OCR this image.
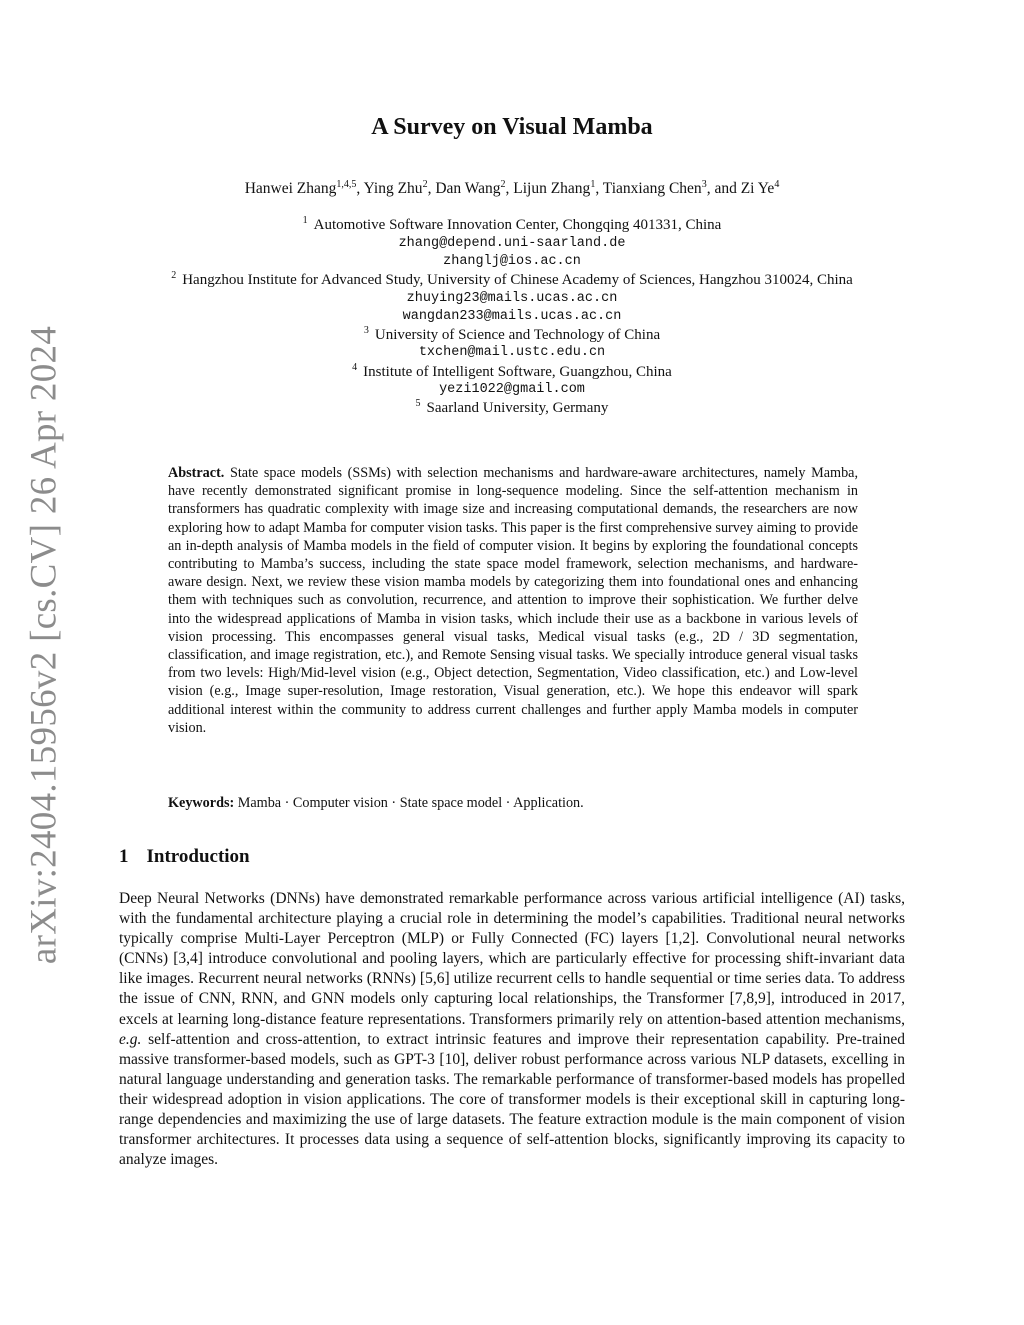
arXiv:2404.15956v2 [cs.CV] 26 Apr 2024
A Survey on Visual Mamba
Hanwei Zhang$^{1,4,5}$, Ying Zhu$^2$, Dan Wang$^2$, Lijun Zhang$^1$, Tianxiang Chen$^3$, and Zi Ye$^4$
$^1$ Automotive Software Innovation Center, Chongqing 401331, China
zhang@depend.uni-saarland.de
zhanglj@ios.ac.cn
$^2$ Hangzhou Institute for Advanced Study, University of Chinese Academy of Sciences, Hangzhou 310024, China
zhuying23@mails.ucas.ac.cn
wangdan233@mails.ucas.ac.cn
$^3$ University of Science and Technology of China
txchen@mail.ustc.edu.cn
$^4$ Institute of Intelligent Software, Guangzhou, China
yezi1022@gmail.com
$^5$ Saarland University, Germany
Abstract. State space models (SSMs) with selection mechanisms and hardware-aware architectures, namely Mamba, have recently demonstrated significant promise in long-sequence modeling. Since the self-attention mechanism in transformers has quadratic complexity with image size and increasing computational demands, the researchers are now exploring how to adapt Mamba for computer vision tasks. This paper is the first comprehensive survey aiming to provide an in-depth analysis of Mamba models in the field of computer vision. It begins by exploring the foundational concepts contributing to Mamba’s success, including the state space model framework, selection mechanisms, and hardware-aware design. Next, we review these vision mamba models by categorizing them into foundational ones and enhancing them with techniques such as convolution, recurrence, and attention to improve their sophistication. We further delve into the widespread applications of Mamba in vision tasks, which include their use as a backbone in various levels of vision processing. This encompasses general visual tasks, Medical visual tasks (e.g., 2D / 3D segmentation, classification, and image registration, etc.), and Remote Sensing visual tasks. We specially introduce general visual tasks from two levels: High/Mid-level vision (e.g., Object detection, Segmentation, Video classification, etc.) and Low-level vision (e.g., Image super-resolution, Image restoration, Visual generation, etc.). We hope this endeavor will spark additional interest within the community to address current challenges and further apply Mamba models in computer vision.
Keywords: Mamba · Computer vision · State space model · Application.
1 Introduction
Deep Neural Networks (DNNs) have demonstrated remarkable performance across various artificial intelligence (AI) tasks, with the fundamental architecture playing a crucial role in determining the model’s capabilities. Traditional neural networks typically comprise Multi-Layer Perceptron (MLP) or Fully Connected (FC) layers [1,2]. Convolutional neural networks (CNNs) [3,4] introduce convolutional and pooling layers, which are particularly effective for processing shift-invariant data like images. Recurrent neural networks (RNNs) [5,6] utilize recurrent cells to handle sequential or time series data. To address the issue of CNN, RNN, and GNN models only capturing local relationships, the Transformer [7,8,9], introduced in 2017, excels at learning long-distance feature representations. Transformers primarily rely on attention-based attention mechanisms, e.g. self-attention and cross-attention, to extract intrinsic features and improve their representation capability. Pre-trained massive transformer-based models, such as GPT-3 [10], deliver robust performance across various NLP datasets, excelling in natural language understanding and generation tasks. The remarkable performance of transformer-based models has propelled their widespread adoption in vision applications. The core of transformer models is their exceptional skill in capturing long-range dependencies and maximizing the use of large datasets. The feature extraction module is the main component of vision transformer architectures. It processes data using a sequence of self-attention blocks, significantly improving its capacity to analyze images.
